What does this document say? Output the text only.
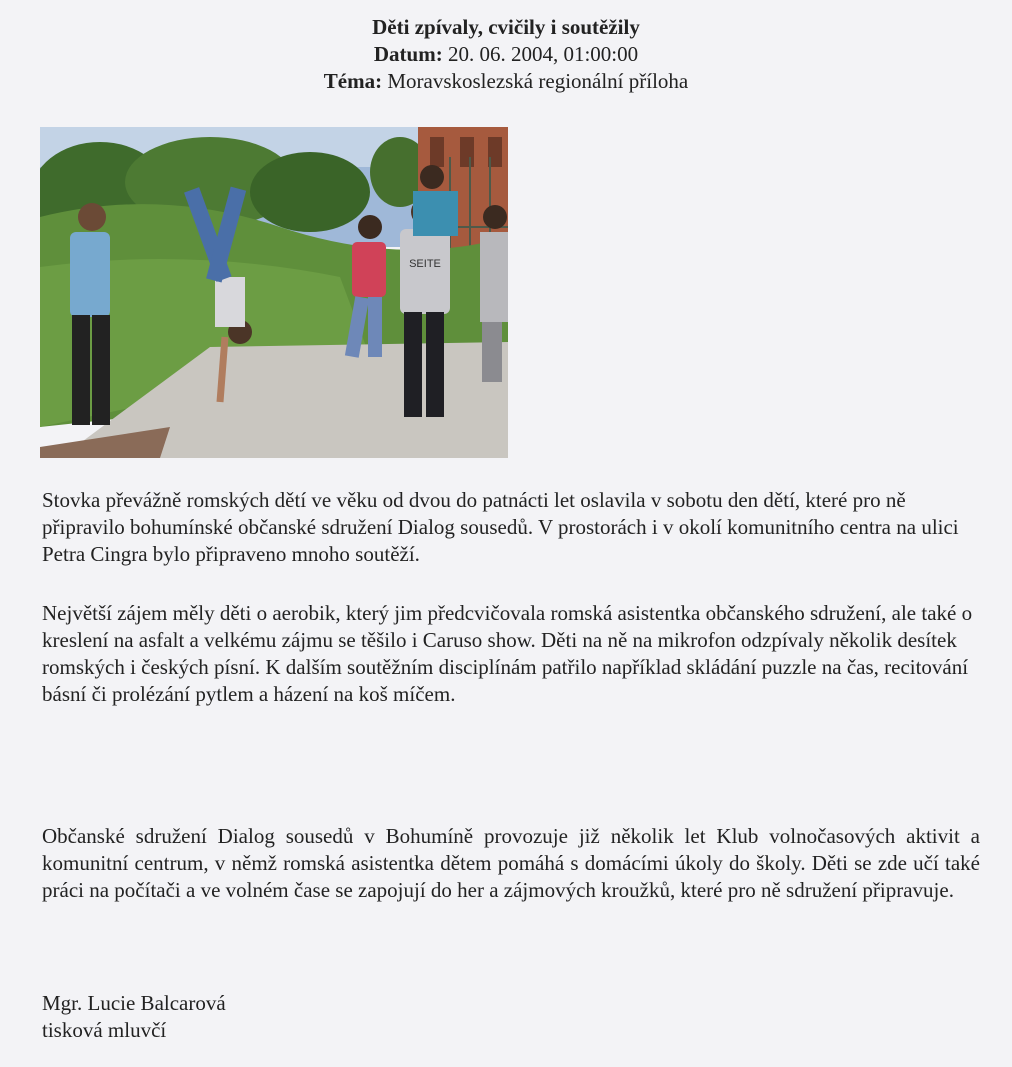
Děti zpívaly, cvičily i soutěžily
Datum: 20. 06. 2004, 01:00:00
Téma: Moravskoslezská regionální příloha
SEITE

Stovka převážně romských dětí ve věku od dvou do patnácti let oslavila v sobotu den dětí, které pro ně připravilo bohumínské občanské sdružení Dialog sousedů. V prostorách i v okolí komunitního centra na ulici Petra Cingra bylo připraveno mnoho soutěží.

Největší zájem měly děti o aerobik, který jim předcvičovala romská asistentka občanského sdružení, ale také o kreslení na asfalt a velkému zájmu se těšilo i Caruso show. Děti na ně na mikrofon odzpívaly několik desítek romských i českých písní. K dalším soutěžním disciplínám patřilo například skládání puzzle na čas, recitování básní či prolézání pytlem a házení na koš míčem.

Občanské sdružení Dialog sousedů v Bohumíně provozuje již několik let Klub volnočasových aktivit a komunitní centrum, v němž romská asistentka dětem pomáhá s domácími úkoly do školy. Děti se zde učí také práci na počítači a ve volném čase se zapojují do her a zájmových kroužků, které pro ně sdružení připravuje.

Mgr. Lucie Balcarová
tisková mluvčí
